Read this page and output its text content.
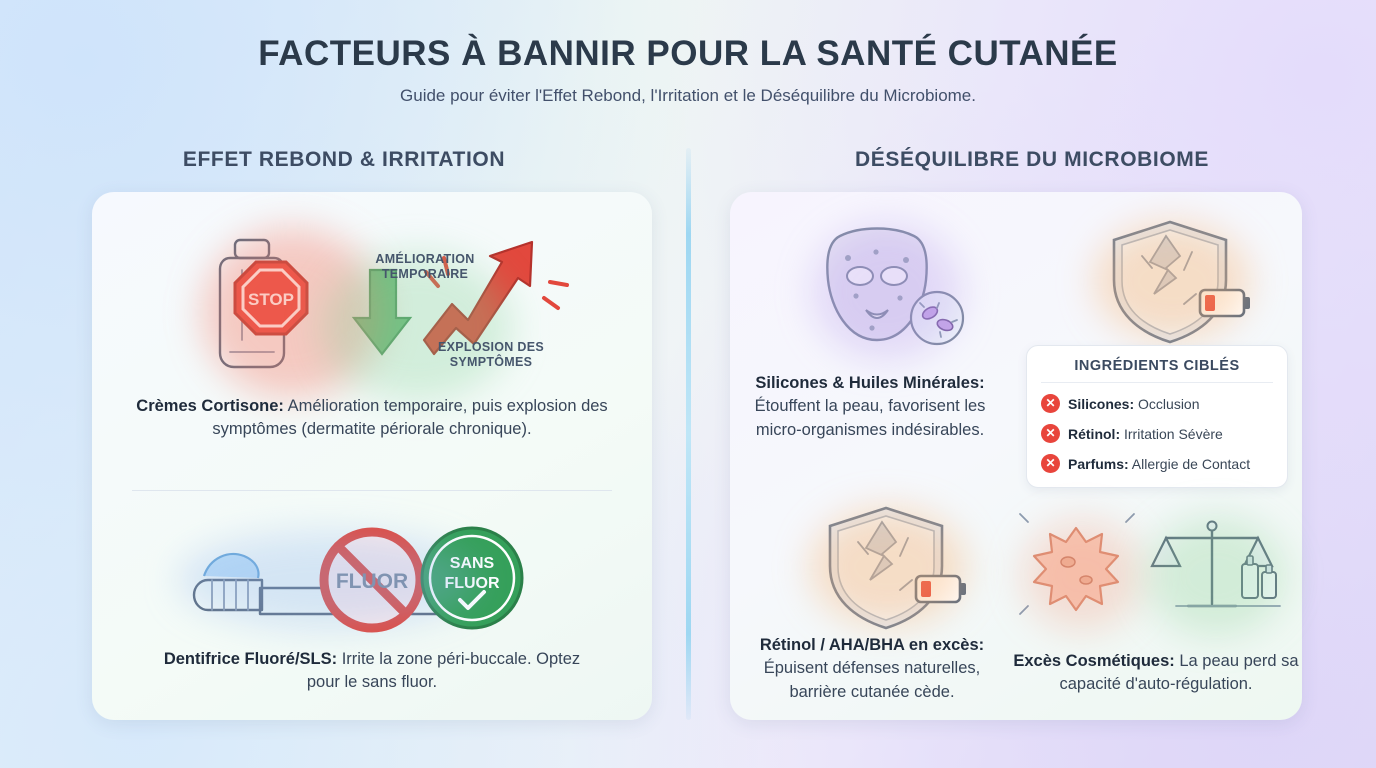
FACTEURS À BANNIR POUR LA SANTÉ CUTANÉE
Guide pour éviter l'Effet Rebond, l'Irritation et le Déséquilibre du Microbiome.
EFFET REBOND & IRRITATION	DÉSÉQUILIBRE DU MICROBIOME
STOP
AMÉLIORATION
TEMPORAIRE
EXPLOSION DES
SYMPTÔMES
Crèmes Cortisone: Amélioration temporaire, puis explosion des symptômes (dermatite périorale chronique).
FLUOR
SANS
FLUOR
Dentifrice Fluoré/SLS: Irrite la zone péri-buccale. Optez pour le sans fluor.
Silicones & Huiles Minérales: Étouffent la peau, favorisent les micro-organismes indésirables.
INGRÉDIENTS CIBLÉS
✕ Silicones: Occlusion
✕ Rétinol: Irritation Sévère
✕ Parfums: Allergie de Contact
Rétinol / AHA/BHA en excès: Épuisent défenses naturelles, barrière cutanée cède.
Excès Cosmétiques: La peau perd sa capacité d'auto-régulation.
